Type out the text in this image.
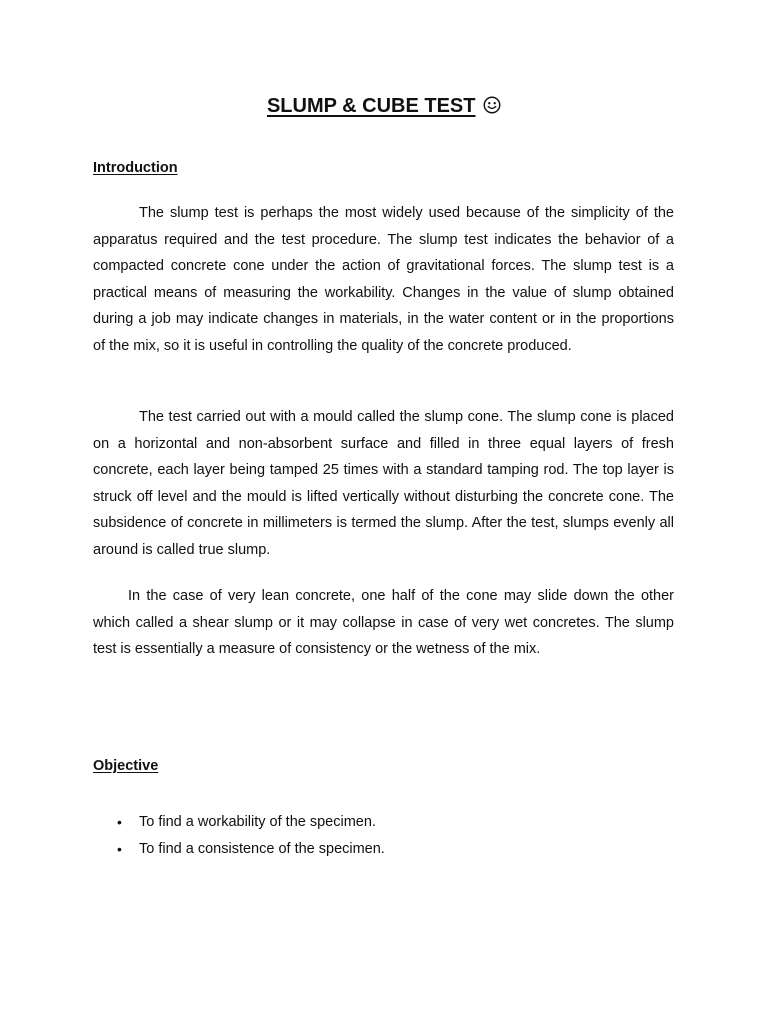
SLUMP & CUBE TEST
Introduction

The slump test is perhaps the most widely used because of the simplicity of the apparatus required and the test procedure. The slump test indicates the behavior of a compacted concrete cone under the action of gravitational forces. The slump test is a practical means of measuring the workability. Changes in the value of slump obtained during a job may indicate changes in materials, in the water content or in the proportions of the mix, so it is useful in controlling the quality of the concrete produced.

The test carried out with a mould called the slump cone. The slump cone is placed on a horizontal and non-absorbent surface and filled in three equal layers of fresh concrete, each layer being tamped 25 times with a standard tamping rod. The top layer is struck off level and the mould is lifted vertically without disturbing the concrete cone. The subsidence of concrete in millimeters is termed the slump. After the test, slumps evenly all around is called true slump.

In the case of very lean concrete, one half of the cone may slide down the other which called a shear slump or it may collapse in case of very wet concretes. The slump test is essentially a measure of consistency or the wetness of the mix.

Objective
• To find a workability of the specimen.
• To find a consistence of the specimen.
